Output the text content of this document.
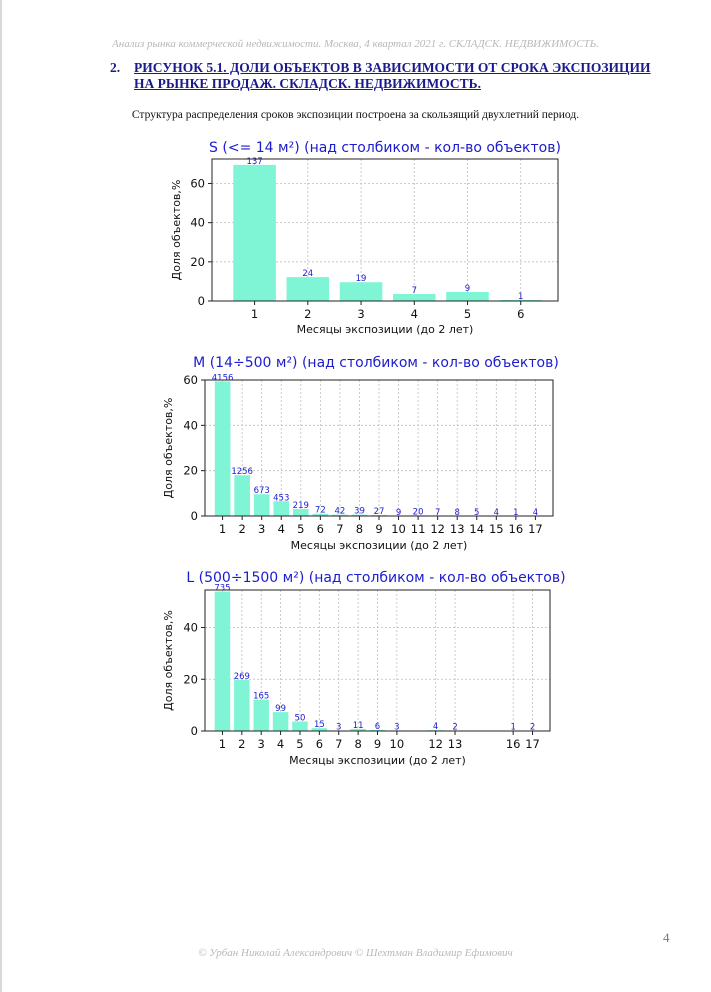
Анализ рынка коммерческой недвижимости. Москва, 4 квартал 2021 г. СКЛАДСК. НЕДВИЖИМОСТЬ.
2. РИСУНОК 5.1. ДОЛИ ОБЪЕКТОВ В ЗАВИСИМОСТИ ОТ СРОКА ЭКСПОЗИЦИИ НА РЫНКЕ ПРОДАЖ. СКЛАДСК. НЕДВИЖИМОСТЬ.
Структура распределения сроков экспозиции построена за скользящий двухлетний период.
S (<= 14 м²) (над столбиком - кол-во объектов)
137
24
19
7	9
1
0
20
40
60
1	2	3	4	5	6
Месяцы экспозиции (до 2 лет)
Доля объектов,%
M (14÷500 м²) (над столбиком - кол-во объектов)
4156
1256
673
453
219 72 42 39 27 9 20 7 8 5 4 1 4
0
20
40
60
1 2 3 4 5 6 7 8 9 10 11 12 13 14 15 16 17
Месяцы экспозиции (до 2 лет)
Доля объектов,%
L (500÷1500 м²) (над столбиком - кол-во объектов)
735
269
165
99
50
15 3 11 6 3	4 2	1 2
0
20
40
1 2 3 4 5 6 7 8 9 10 12 13	16 17
Месяцы экспозиции (до 2 лет)
Доля объектов,%
4
© Урбан Николай Александрович © Шехтман Владимир Ефимович
